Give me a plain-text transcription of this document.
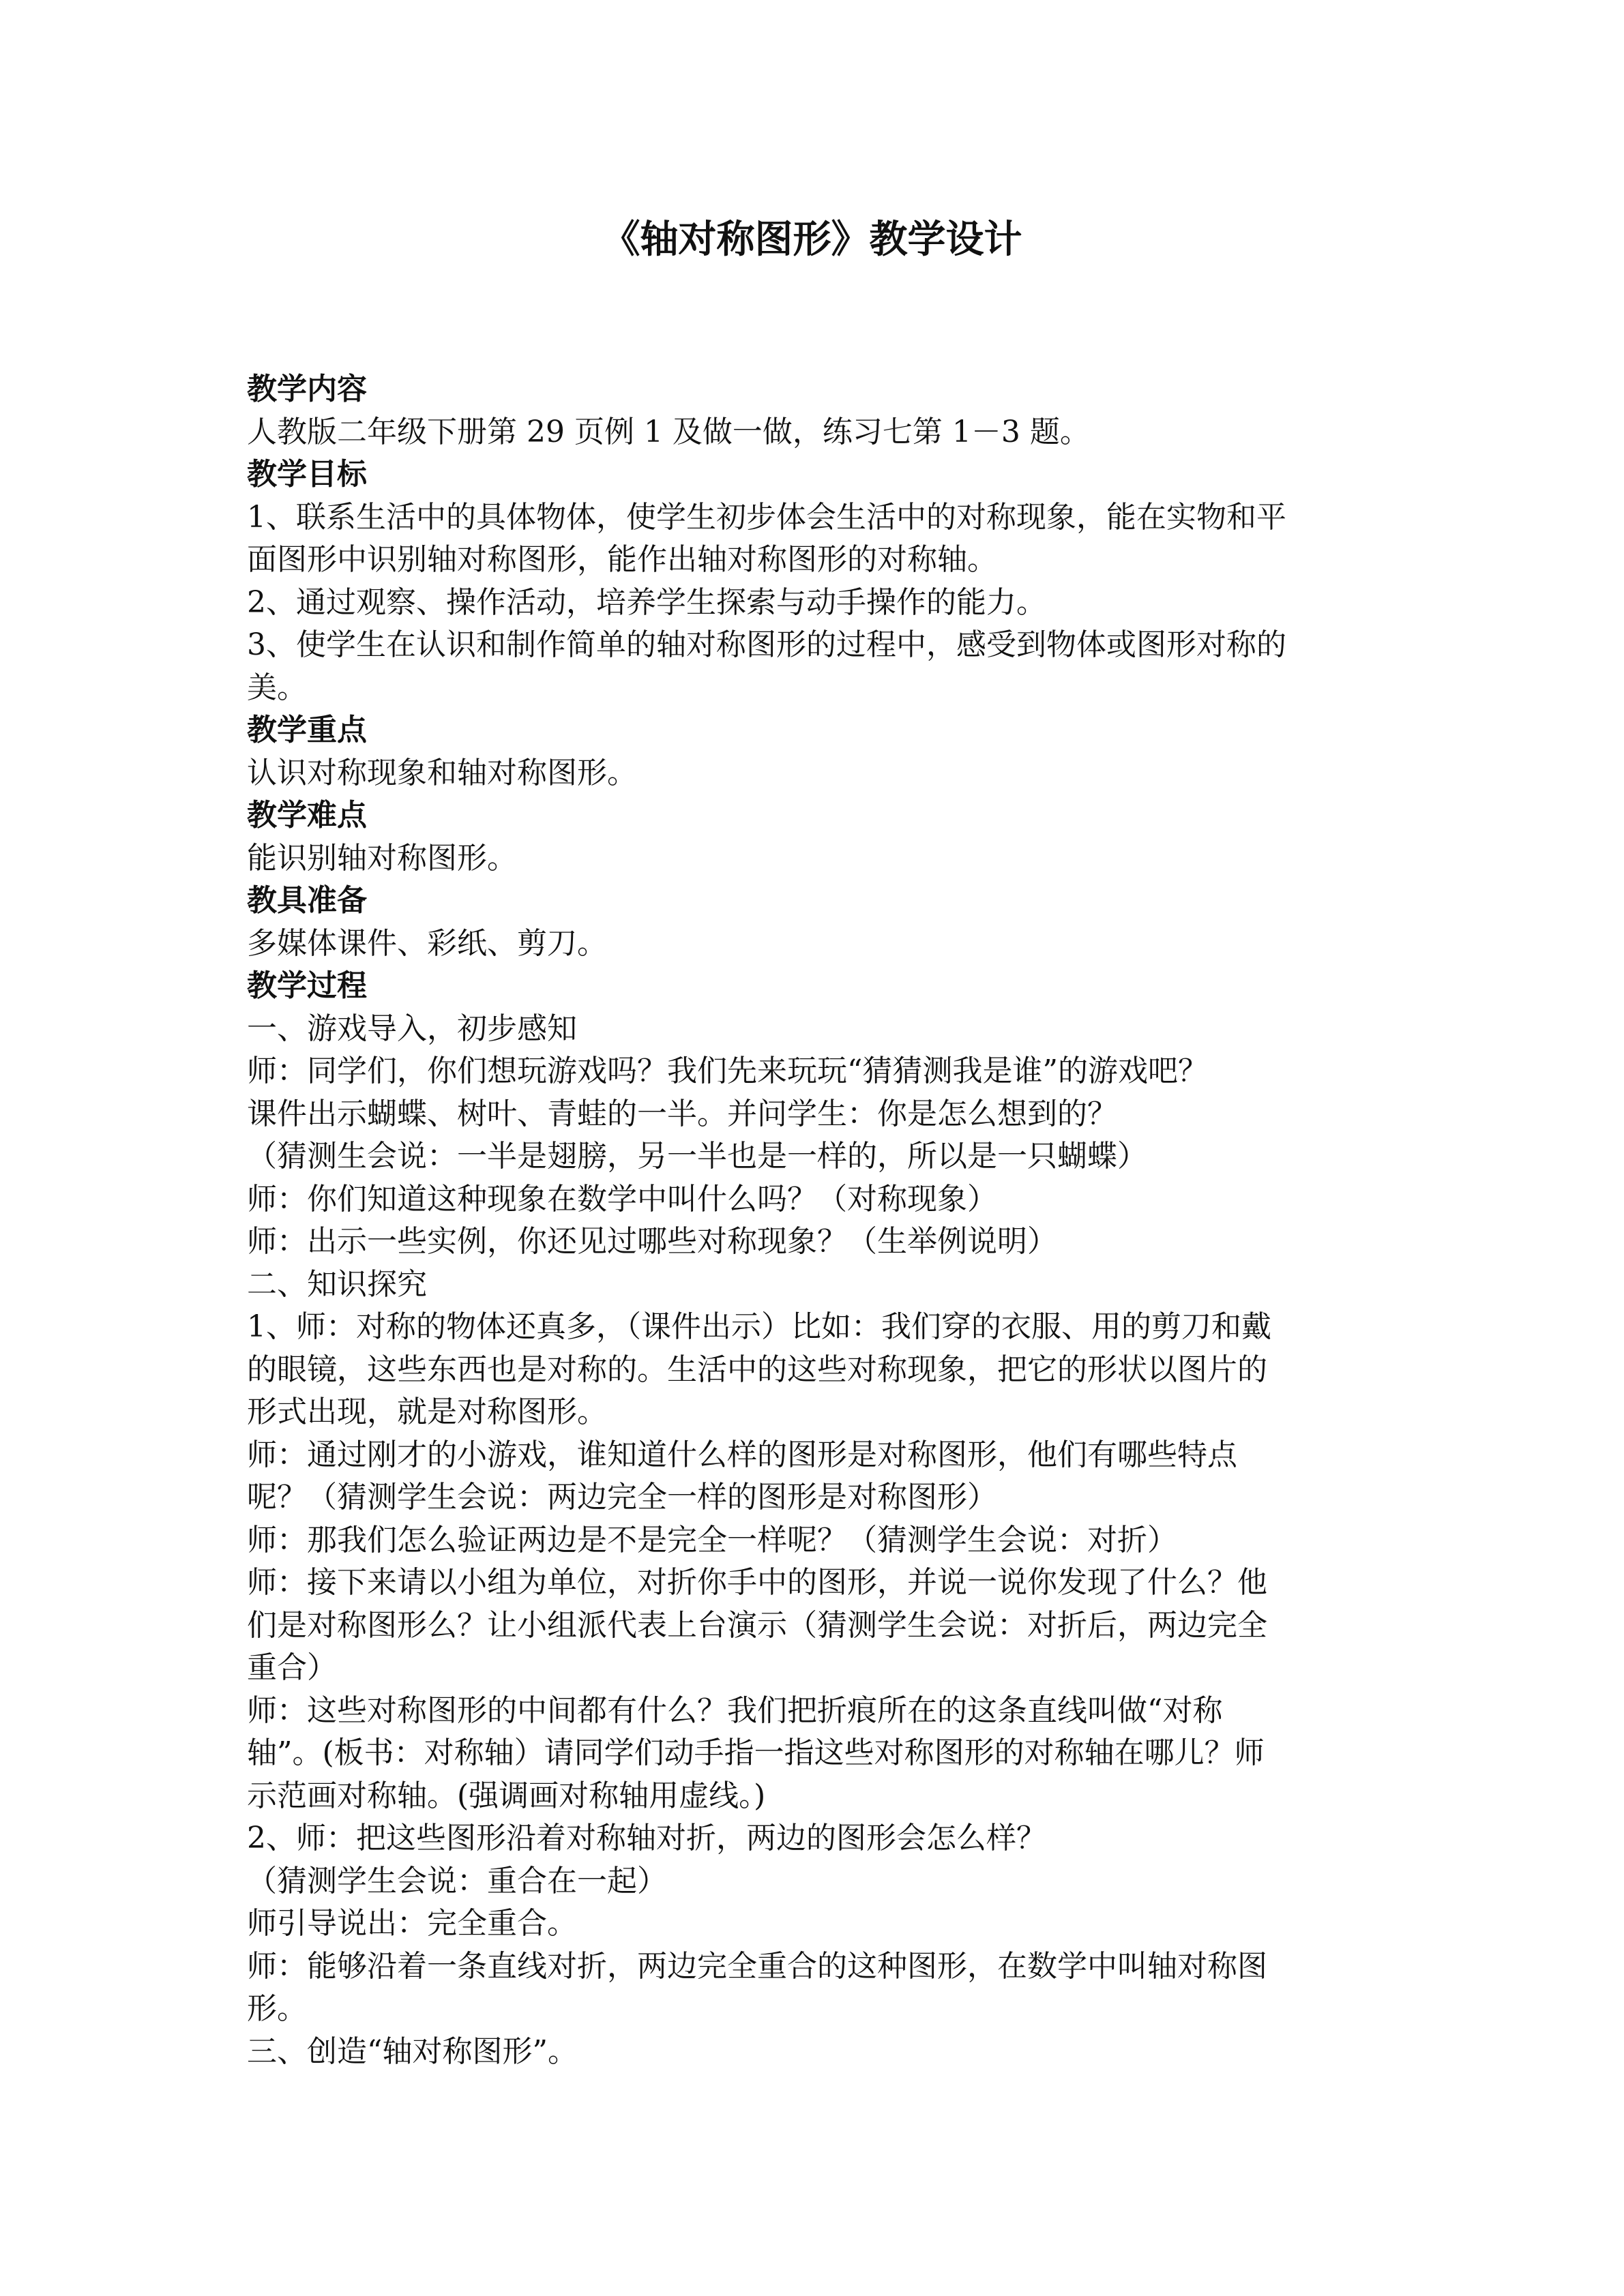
《轴对称图形》教学设计
教学内容
人教版二年级下册第 29 页例 1 及做一做，练习七第 1－3 题。
教学目标
1、联系生活中的具体物体，使学生初步体会生活中的对称现象，能在实物和平
面图形中识别轴对称图形，能作出轴对称图形的对称轴。
2、通过观察、操作活动，培养学生探索与动手操作的能力。
3、使学生在认识和制作简单的轴对称图形的过程中，感受到物体或图形对称的
美。
教学重点
认识对称现象和轴对称图形。
教学难点
能识别轴对称图形。
教具准备
多媒体课件、彩纸、剪刀。
教学过程
一、游戏导入，初步感知
师：同学们，你们想玩游戏吗？我们先来玩玩“猜猜测我是谁”的游戏吧？
课件出示蝴蝶、树叶、青蛙的一半。并问学生：你是怎么想到的？
（猜测生会说：一半是翅膀，另一半也是一样的，所以是一只蝴蝶）
师：你们知道这种现象在数学中叫什么吗？（对称现象）
师：出示一些实例，你还见过哪些对称现象？（生举例说明）
二、知识探究
1、师：对称的物体还真多，（课件出示）比如：我们穿的衣服、用的剪刀和戴
的眼镜，这些东西也是对称的。生活中的这些对称现象，把它的形状以图片的
形式出现，就是对称图形。
师：通过刚才的小游戏，谁知道什么样的图形是对称图形，他们有哪些特点
呢？（猜测学生会说：两边完全一样的图形是对称图形）
师：那我们怎么验证两边是不是完全一样呢？（猜测学生会说：对折）
师：接下来请以小组为单位，对折你手中的图形，并说一说你发现了什么？他
们是对称图形么？让小组派代表上台演示（猜测学生会说：对折后，两边完全
重合）
师：这些对称图形的中间都有什么？我们把折痕所在的这条直线叫做“对称
轴”。(板书：对称轴）请同学们动手指一指这些对称图形的对称轴在哪儿？师
示范画对称轴。(强调画对称轴用虚线。)
2、师：把这些图形沿着对称轴对折，两边的图形会怎么样？
（猜测学生会说：重合在一起）
师引导说出：完全重合。
师：能够沿着一条直线对折，两边完全重合的这种图形，在数学中叫轴对称图
形。
三、创造“轴对称图形”。
